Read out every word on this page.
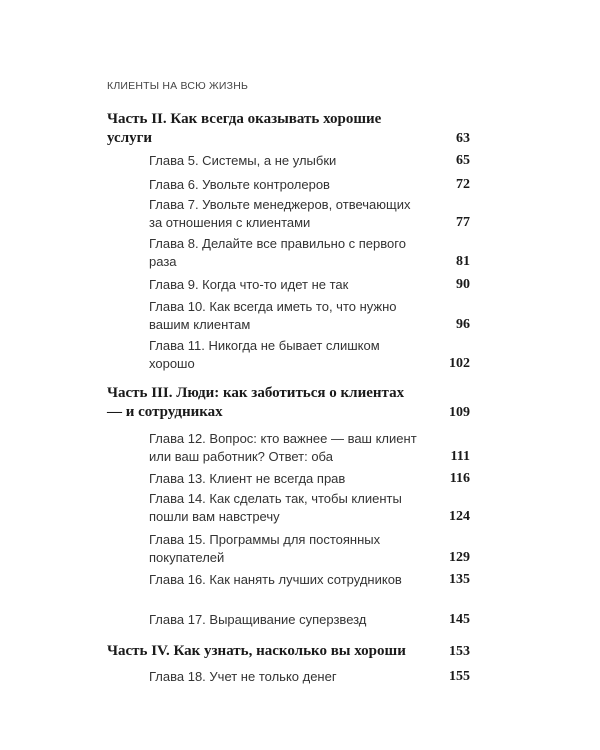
КЛИЕНТЫ НА ВСЮ ЖИЗНЬ
Часть II. Как всегда оказывать хорошие услуги	63
Глава 5. Системы, а не улыбки	65
Глава 6. Увольте контролеров	72
Глава 7. Увольте менеджеров, отвечающих за отношения с клиентами	77
Глава 8. Делайте все правильно с первого раза	81
Глава 9. Когда что-то идет не так	90
Глава 10. Как всегда иметь то, что нужно вашим клиентам	96
Глава 11. Никогда не бывает слишком хорошо	102
Часть III. Люди: как заботиться о клиентах — и сотрудниках	109
Глава 12. Вопрос: кто важнее — ваш клиент или ваш работник? Ответ: оба	111
Глава 13. Клиент не всегда прав	116
Глава 14. Как сделать так, чтобы клиенты пошли вам навстречу	124
Глава 15. Программы для постоянных покупателей	129
Глава 16. Как нанять лучших сотрудников	135
Глава 17. Выращивание суперзвезд	145
Часть IV. Как узнать, насколько вы хороши	153
Глава 18. Учет не только денег	155
